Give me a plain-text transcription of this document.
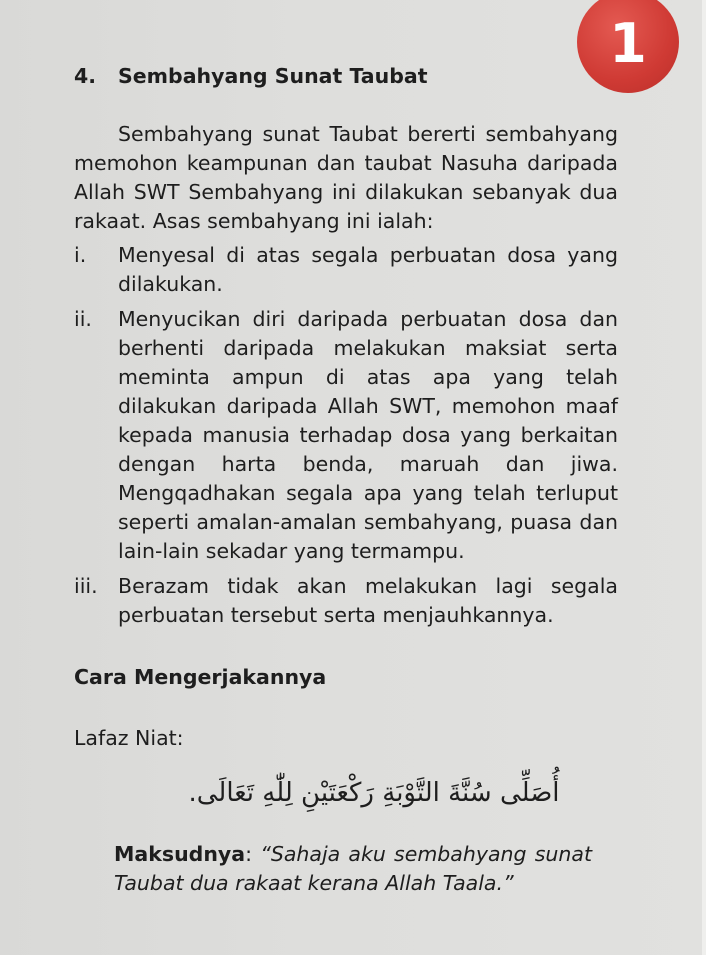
1
4. Sembahyang Sunat Taubat
Sembahyang sunat Taubat bererti sembahyang memohon keampunan dan taubat Nasuha daripada Allah SWT Sembahyang ini dilakukan sebanyak dua rakaat. Asas sembahyang ini ialah:
i. Menyesal di atas segala perbuatan dosa yang dilakukan.
ii. Menyucikan diri daripada perbuatan dosa dan berhenti daripada melakukan maksiat serta meminta ampun di atas apa yang telah dilakukan daripada Allah SWT, memohon maaf kepada manusia terhadap dosa yang berkaitan dengan harta benda, maruah dan jiwa. Mengqadhakan segala apa yang telah terluput seperti amalan-amalan sembahyang, puasa dan lain-lain sekadar yang termampu.
iii. Berazam tidak akan melakukan lagi segala perbuatan tersebut serta menjauhkannya.
Cara Mengerjakannya
Lafaz Niat:
أُصَلِّى سُنَّةَ التَّوْبَةِ رَكْعَتَيْنِ لِلّٰهِ تَعَالَى.
Maksudnya: “Sahaja aku sembahyang sunat Taubat dua rakaat kerana Allah Taala.”
